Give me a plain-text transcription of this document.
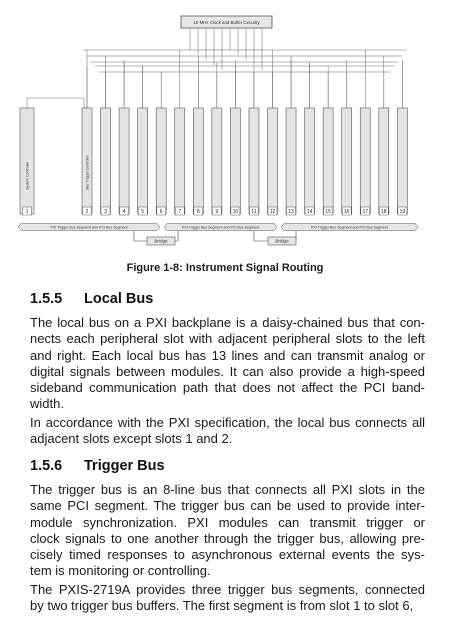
10 MHz Clock and Buffer Circuitry
1	2	3	4	5	6	7	8	9	10	11	12	13	14	15	16	17	18	19
System Controller	Star Trigger Controller
PXI Trigger Bus Segment and PCI Bus Segment	PXI Trigger Bus Segment and PCI Bus Segment	PXI Trigger Bus Segment and PCI Bus Segment
Bridge	Bridge
Figure 1-8: Instrument Signal Routing
1.5.5 Local Bus
The local bus on a PXI backplane is a daisy-chained bus that con-
nects each peripheral slot with adjacent peripheral slots to the left
and right. Each local bus has 13 lines and can transmit analog or
digital signals between modules. It can also provide a high-speed
sideband communication path that does not affect the PCI band-
width.
In accordance with the PXI specification, the local bus connects all
adjacent slots except slots 1 and 2.
1.5.6 Trigger Bus
The trigger bus is an 8-line bus that connects all PXI slots in the
same PCI segment. The trigger bus can be used to provide inter-
module synchronization. PXI modules can transmit trigger or
clock signals to one another through the trigger bus, allowing pre-
cisely timed responses to asynchronous external events the sys-
tem is monitoring or controlling.
The PXIS-2719A provides three trigger bus segments, connected
by two trigger bus buffers. The first segment is from slot 1 to slot 6,
